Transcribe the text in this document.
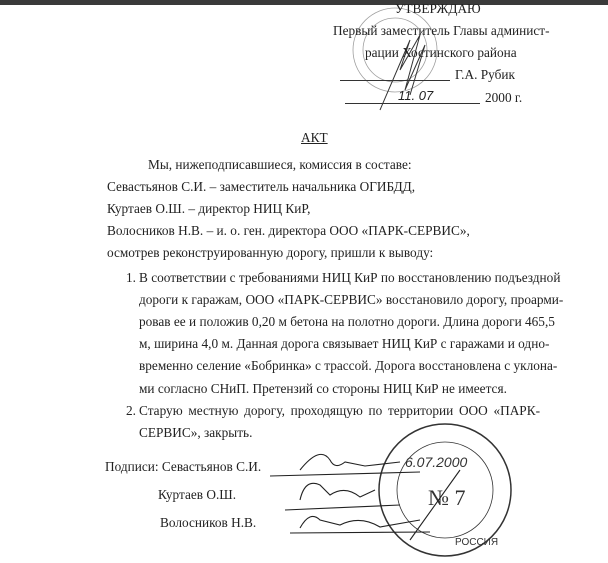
№ 7
РОССИЯ
6.07.2000
УТВЕРЖДАЮ
Первый заместитель Главы админист-
рации Хостинского района
Г.А. Рубик
11. 07	2000 г.
АКТ
Мы, нижеподписавшиеся, комиссия в составе:
Севастьянов С.И. – заместитель начальника ОГИБДД,
Куртаев О.Ш. – директор НИЦ КиР,
Волосников Н.В. – и. о. ген. директора ООО «ПАРК-СЕРВИС»,
осмотрев реконструированную дорогу, пришли к выводу:
1. В соответствии с требованиями НИЦ КиР по восстановлению подъездной
дороги к гаражам, ООО «ПАРК-СЕРВИС» восстановило дорогу, проарми-
ровав ее и положив 0,20 м бетона на полотно дороги. Длина дороги 465,5
м, ширина 4,0 м. Данная дорога связывает НИЦ КиР с гаражами и одно-
временно селение «Бобринка» с трассой. Дорога восстановлена с уклона-
ми согласно СНиП. Претензий со стороны НИЦ КиР не имеется.
2. Старую местную дорогу, проходящую по территории ООО «ПАРК-
СЕРВИС», закрыть.
Подписи: Севастьянов С.И.
Куртаев О.Ш.
Волосников Н.В.
